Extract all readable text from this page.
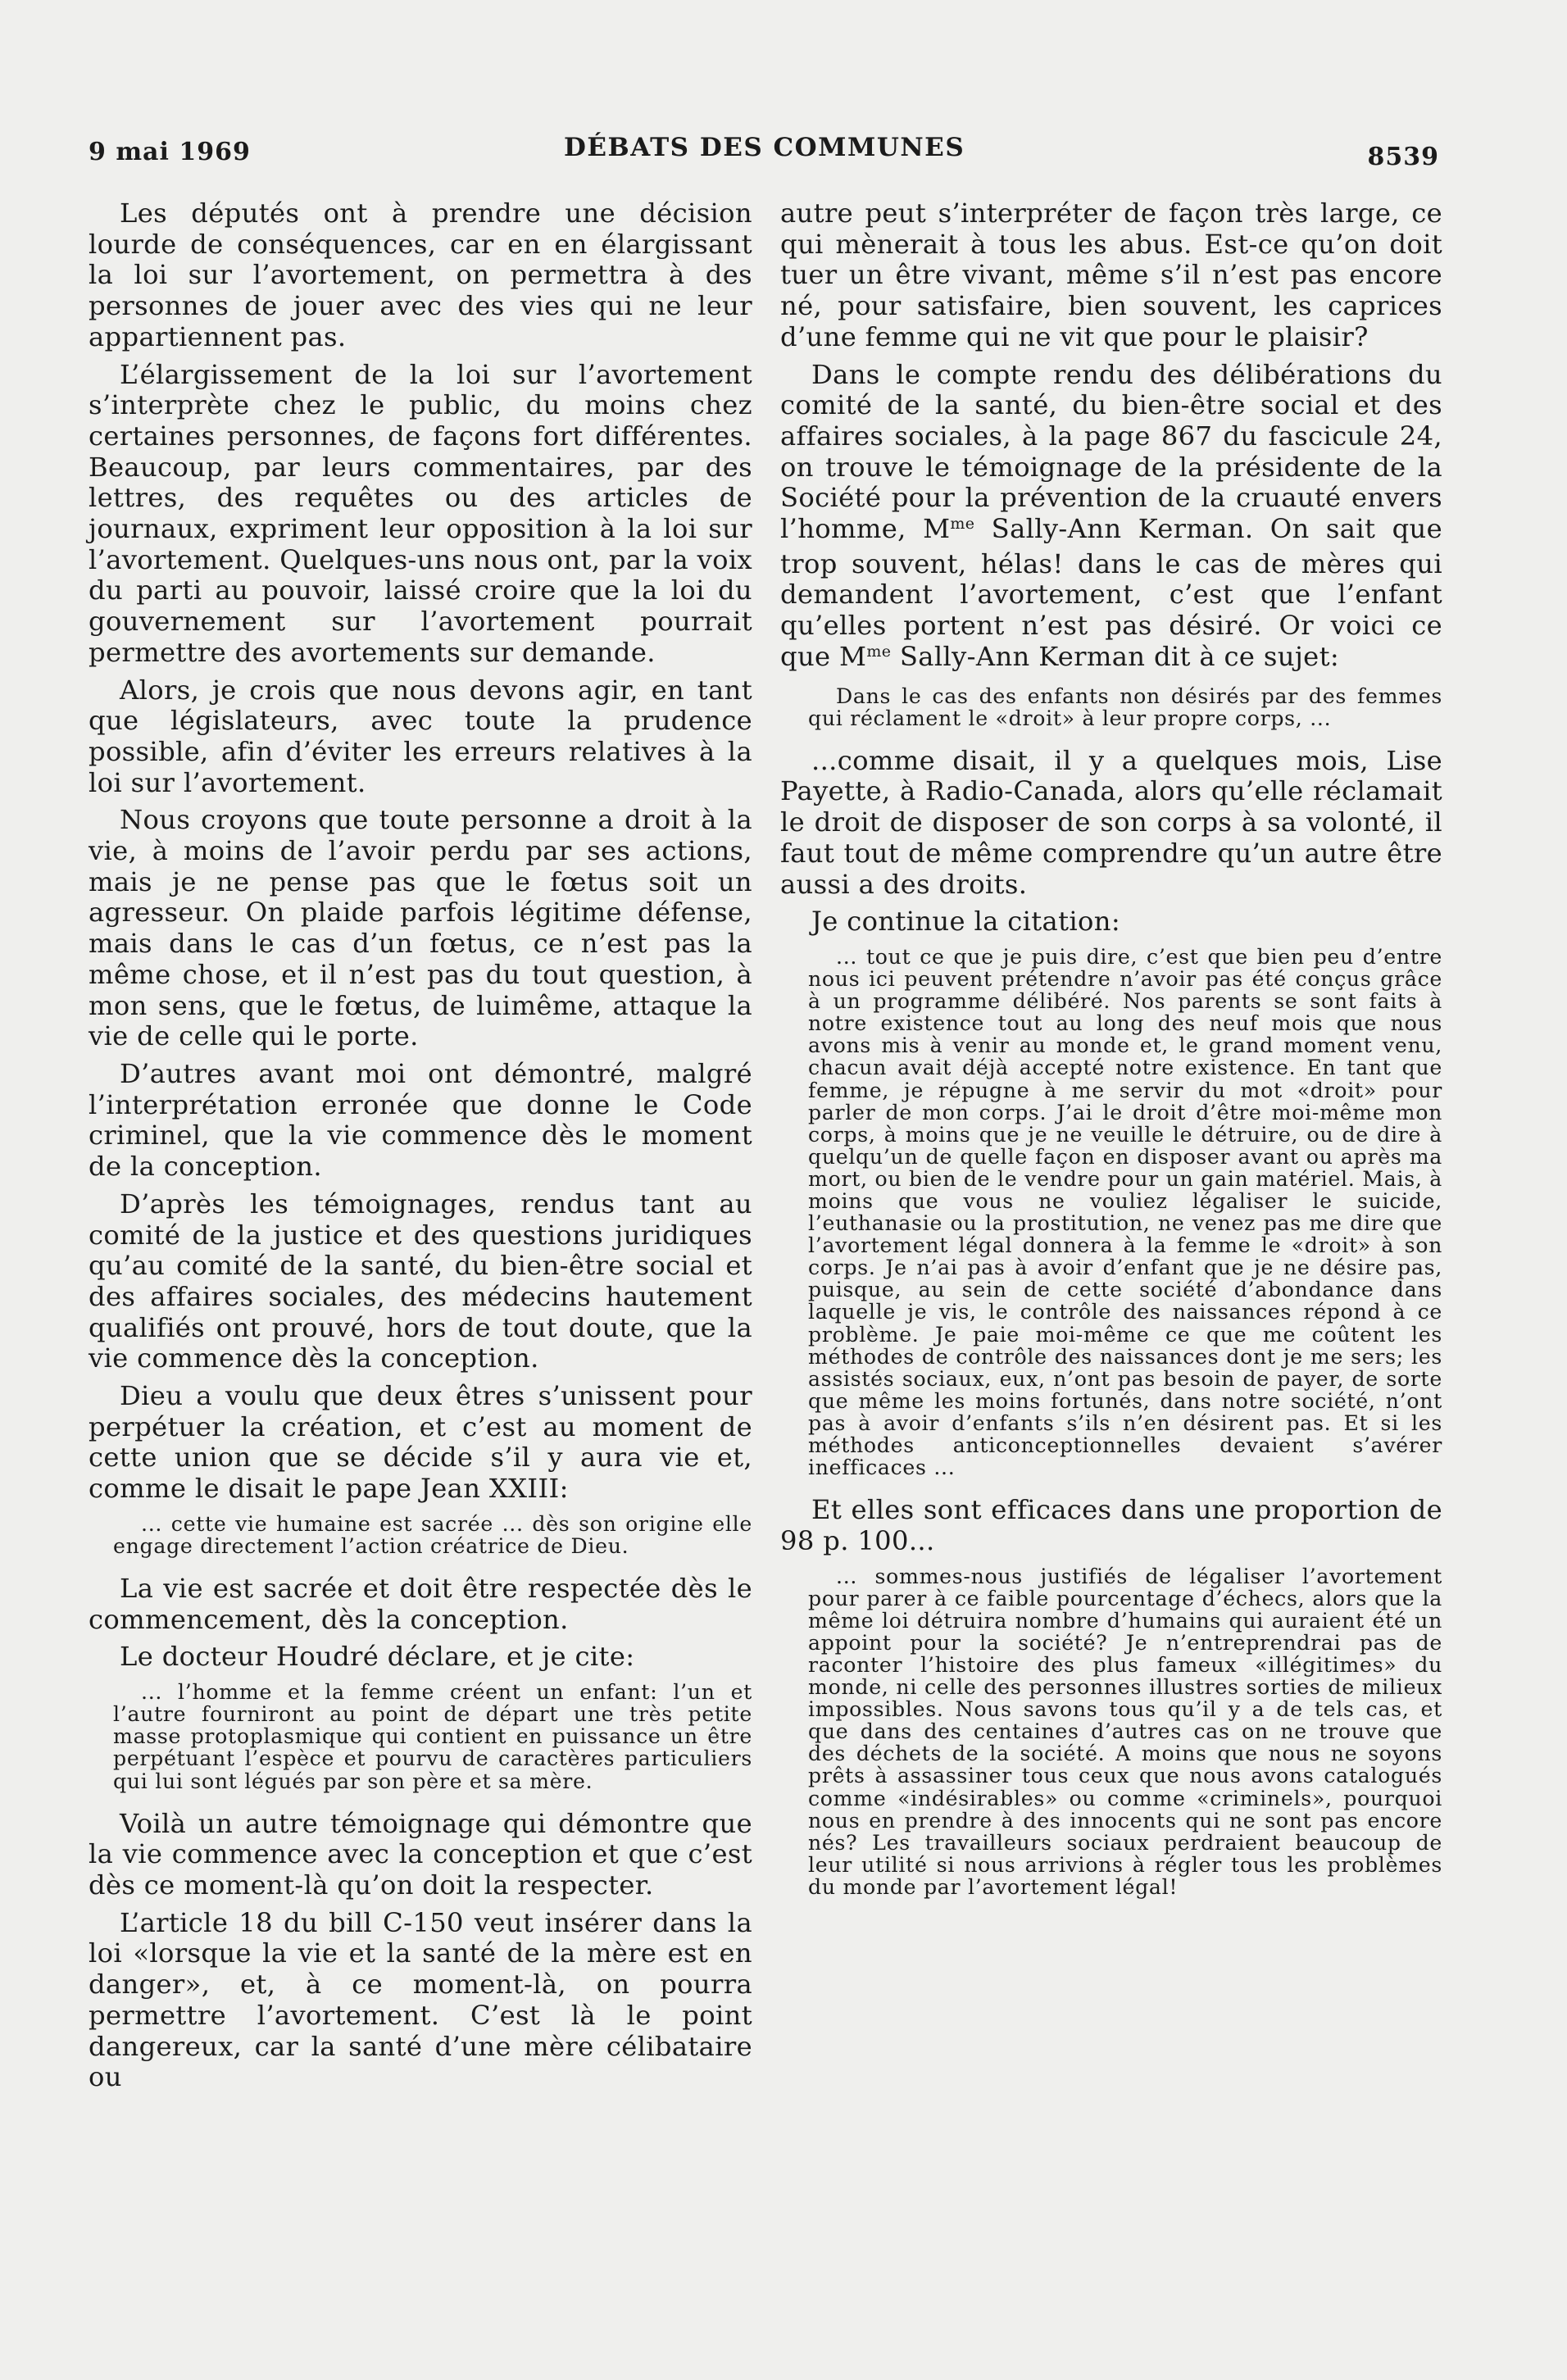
9 mai 1969	DÉBATS DES COMMUNES	8539

Les députés ont à prendre une décision lourde de conséquences, car en en élargissant la loi sur l’avortement, on permettra à des personnes de jouer avec des vies qui ne leur appartiennent pas.

L’élargissement de la loi sur l’avortement s’interprète chez le public, du moins chez certaines personnes, de façons fort différentes. Beaucoup, par leurs commentaires, par des lettres, des requêtes ou des articles de journaux, expriment leur opposition à la loi sur l’avortement. Quelques-uns nous ont, par la voix du parti au pouvoir, laissé croire que la loi du gouvernement sur l’avortement pourrait permettre des avortements sur demande.

Alors, je crois que nous devons agir, en tant que législateurs, avec toute la prudence possible, afin d’éviter les erreurs relatives à la loi sur l’avortement.

Nous croyons que toute personne a droit à la vie, à moins de l’avoir perdu par ses actions, mais je ne pense pas que le fœtus soit un agresseur. On plaide parfois légitime défense, mais dans le cas d’un fœtus, ce n’est pas la même chose, et il n’est pas du tout question, à mon sens, que le fœtus, de luimême, attaque la vie de celle qui le porte.

D’autres avant moi ont démontré, malgré l’interprétation erronée que donne le Code criminel, que la vie commence dès le moment de la conception.

D’après les témoignages, rendus tant au comité de la justice et des questions juridiques qu’au comité de la santé, du bien-être social et des affaires sociales, des médecins hautement qualifiés ont prouvé, hors de tout doute, que la vie commence dès la conception.

Dieu a voulu que deux êtres s’unissent pour perpétuer la création, et c’est au moment de cette union que se décide s’il y aura vie et, comme le disait le pape Jean XXIII:

... cette vie humaine est sacrée ... dès son origine elle engage directement l’action créatrice de Dieu.

La vie est sacrée et doit être respectée dès le commencement, dès la conception.

Le docteur Houdré déclare, et je cite:

... l’homme et la femme créent un enfant: l’un et l’autre fourniront au point de départ une très petite masse protoplasmique qui contient en puissance un être perpétuant l’espèce et pourvu de caractères particuliers qui lui sont légués par son père et sa mère.

Voilà un autre témoignage qui démontre que la vie commence avec la conception et que c’est dès ce moment-là qu’on doit la respecter.

L’article 18 du bill C-150 veut insérer dans la loi «lorsque la vie et la santé de la mère est en danger», et, à ce moment-là, on pourra permettre l’avortement. C’est là le point dangereux, car la santé d’une mère célibataire ou

autre peut s’interpréter de façon très large, ce qui mènerait à tous les abus. Est-ce qu’on doit tuer un être vivant, même s’il n’est pas encore né, pour satisfaire, bien souvent, les caprices d’une femme qui ne vit que pour le plaisir?

Dans le compte rendu des délibérations du comité de la santé, du bien-être social et des affaires sociales, à la page 867 du fascicule 24, on trouve le témoignage de la présidente de la Société pour la prévention de la cruauté envers l’homme, $M^{me}$ Sally-Ann Kerman. On sait que trop souvent, hélas! dans le cas de mères qui demandent l’avortement, c’est que l’enfant qu’elles portent n’est pas désiré. Or voici ce que $M^{me}$ Sally-Ann Kerman dit à ce sujet:

Dans le cas des enfants non désirés par des femmes qui réclament le «droit» à leur propre corps, ...

...comme disait, il y a quelques mois, Lise Payette, à Radio-Canada, alors qu’elle réclamait le droit de disposer de son corps à sa volonté, il faut tout de même comprendre qu’un autre être aussi a des droits.

Je continue la citation:

... tout ce que je puis dire, c’est que bien peu d’entre nous ici peuvent prétendre n’avoir pas été conçus grâce à un programme délibéré. Nos parents se sont faits à notre existence tout au long des neuf mois que nous avons mis à venir au monde et, le grand moment venu, chacun avait déjà accepté notre existence. En tant que femme, je répugne à me servir du mot «droit» pour parler de mon corps. J’ai le droit d’être moi-même mon corps, à moins que je ne veuille le détruire, ou de dire à quelqu’un de quelle façon en disposer avant ou après ma mort, ou bien de le vendre pour un gain matériel. Mais, à moins que vous ne vouliez légaliser le suicide, l’euthanasie ou la prostitution, ne venez pas me dire que l’avortement légal donnera à la femme le «droit» à son corps. Je n’ai pas à avoir d’enfant que je ne désire pas, puisque, au sein de cette société d’abondance dans laquelle je vis, le contrôle des naissances répond à ce problème. Je paie moi-même ce que me coûtent les méthodes de contrôle des naissances dont je me sers; les assistés sociaux, eux, n’ont pas besoin de payer, de sorte que même les moins fortunés, dans notre société, n’ont pas à avoir d’enfants s’ils n’en désirent pas. Et si les méthodes anticonceptionnelles devaient s’avérer inefficaces ...

Et elles sont efficaces dans une proportion de 98 p. 100...

... sommes-nous justifiés de légaliser l’avortement pour parer à ce faible pourcentage d’échecs, alors que la même loi détruira nombre d’humains qui auraient été un appoint pour la société? Je n’entreprendrai pas de raconter l’histoire des plus fameux «illégitimes» du monde, ni celle des personnes illustres sorties de milieux impossibles. Nous savons tous qu’il y a de tels cas, et que dans des centaines d’autres cas on ne trouve que des déchets de la société. A moins que nous ne soyons prêts à assassiner tous ceux que nous avons catalogués comme «indésirables» ou comme «criminels», pourquoi nous en prendre à des innocents qui ne sont pas encore nés? Les travailleurs sociaux perdraient beaucoup de leur utilité si nous arrivions à régler tous les problèmes du monde par l’avortement légal!
